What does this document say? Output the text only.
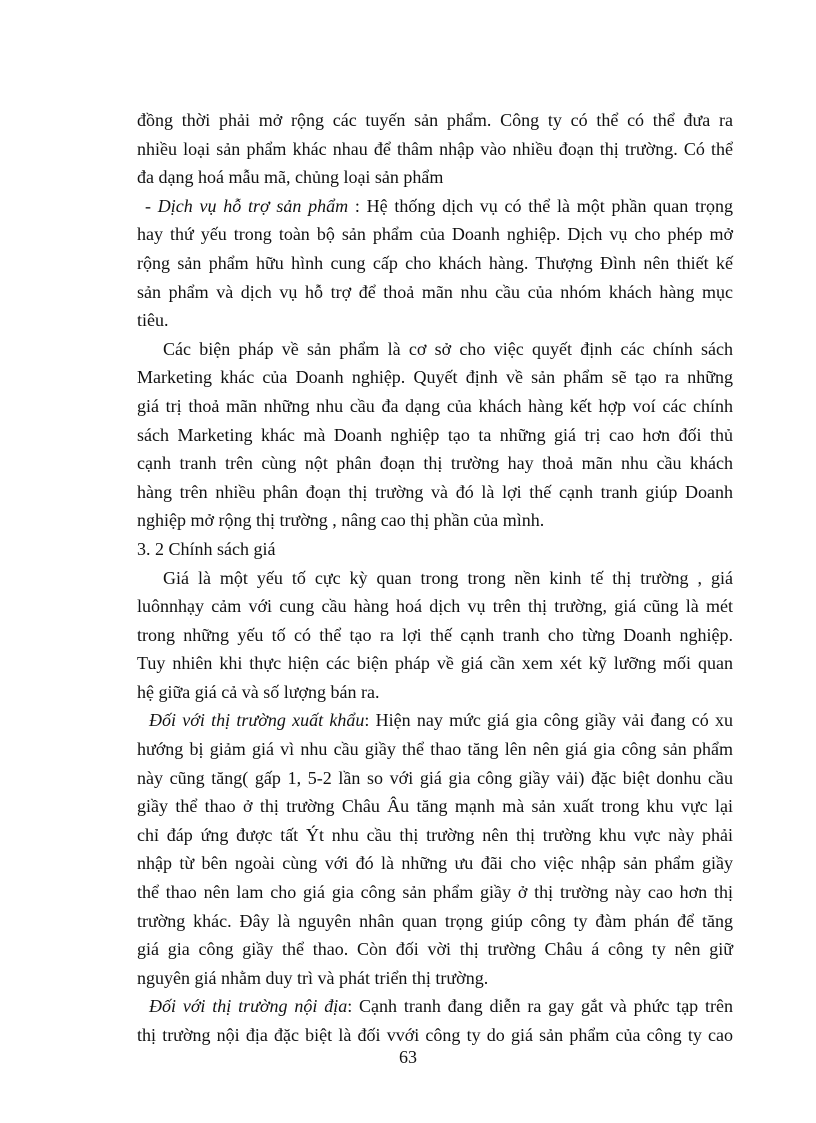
đồng thời phải mở rộng các tuyến sản phẩm. Công ty có thể có thể đưa ra
nhiều loại sản phẩm khác nhau để thâm nhập vào nhiều đoạn thị trường. Có thể
đa dạng hoá mẫu mã, chủng loại sản phẩm
- Dịch vụ hỗ trợ sản phẩm : Hệ thống dịch vụ có thể là một phần quan trọng
hay thứ yếu trong toàn bộ sản phẩm của Doanh nghiệp. Dịch vụ cho phép mở
rộng sản phẩm hữu hình cung cấp cho khách hàng. Thượng Đình nên thiết kế
sản phẩm và dịch vụ hỗ trợ để thoả mãn nhu cầu của nhóm khách hàng mục
tiêu.
Các biện pháp về sản phẩm là cơ sở cho việc quyết định các chính sách
Marketing khác của Doanh nghiệp. Quyết định về sản phẩm sẽ tạo ra những
giá trị thoả mãn những nhu cầu đa dạng của khách hàng kết hợp voí các chính
sách Marketing khác mà Doanh nghiệp tạo ta những giá trị cao hơn đối thủ
cạnh tranh trên cùng nột phân đoạn thị trường hay thoả mãn nhu cầu khách
hàng trên nhiều phân đoạn thị trường và đó là lợi thế cạnh tranh giúp Doanh
nghiệp mở rộng thị trường , nâng cao thị phần của mình.
3. 2 Chính sách giá
Giá là một yếu tố cực kỳ quan trong trong nền kinh tế thị trường , giá
luônnhạy cảm với cung cầu hàng hoá dịch vụ trên thị trường, giá cũng là mét
trong những yếu tố có thể tạo ra lợi thế cạnh tranh cho từng Doanh nghiệp.
Tuy nhiên khi thực hiện các biện pháp về giá cần xem xét kỹ lưỡng mối quan
hệ giữa giá cả và số lượng bán ra.
Đối với thị trường xuất khẩu: Hiện nay mức giá gia công giầy vải đang có xu
hướng bị giảm giá vì nhu cầu giầy thể thao tăng lên nên giá gia công sản phẩm
này cũng tăng( gấp 1, 5-2 lần so với giá gia công giầy vải) đặc biệt donhu cầu
giầy thể thao ở thị trường Châu Âu tăng mạnh mà sản xuất trong khu vực lại
chỉ đáp ứng được tất Ýt nhu cầu thị trường nên thị trường khu vực này phải
nhập từ bên ngoài cùng với đó là những ưu đãi cho việc nhập sản phẩm giầy
thể thao nên lam cho giá gia công sản phẩm giầy ở thị trường này cao hơn thị
trường khác. Đây là nguyên nhân quan trọng giúp công ty đàm phán để tăng
giá gia công giầy thể thao. Còn đối vời thị trường Châu á công ty nên giữ
nguyên giá nhằm duy trì và phát triển thị trường.
Đối với thị trường nội địa: Cạnh tranh đang diễn ra gay gắt và phức tạp trên
thị trường nội địa đặc biệt là đối vvới công ty do giá sản phẩm của công ty cao
63
